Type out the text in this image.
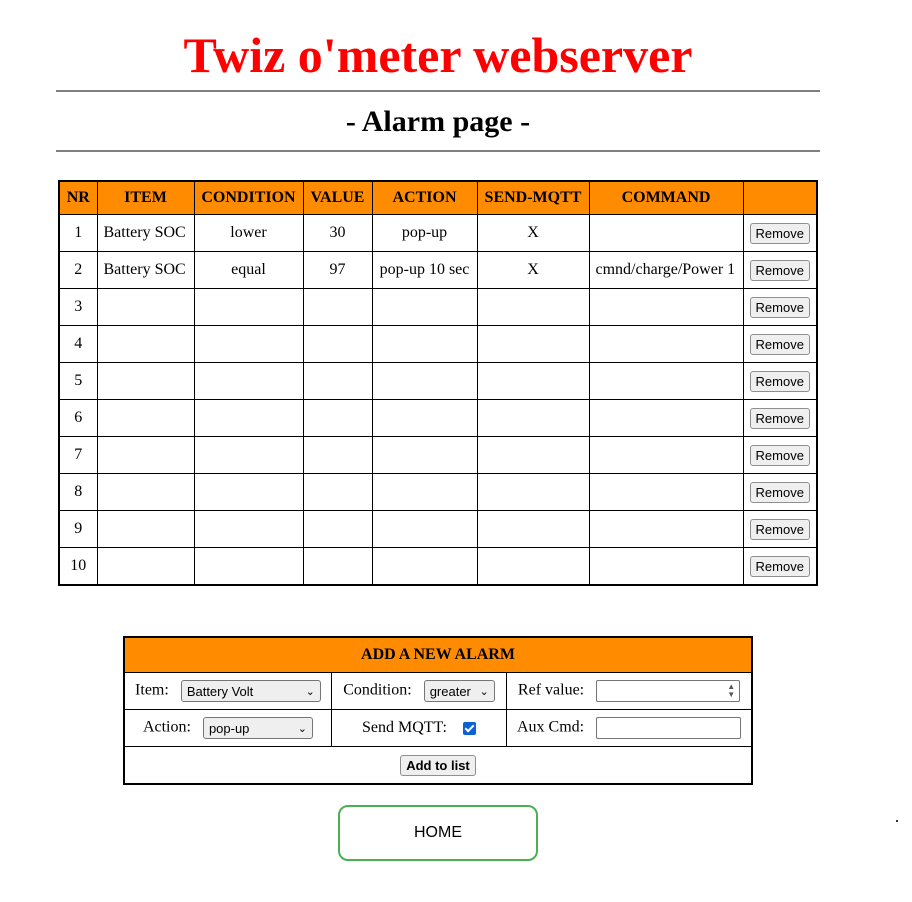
Twiz o'meter webserver
- Alarm page -
NR	ITEM	CONDITION	VALUE	ACTION	SEND-MQTT	COMMAND	
1	Battery SOC	lower	30	pop-up	X		Remove
2	Battery SOC	equal	97	pop-up 10 sec	X	cmnd/charge/Power 1	Remove
3							Remove
4							Remove
5							Remove
6							Remove
7							Remove
8							Remove
9							Remove
10							Remove
ADD A NEW ALARM		
Item: Battery Volt ⌄	Condition: greater ⌄	Ref value: ▲
▼

Action: pop-up ⌄	Send MQTT:	Aux Cmd:
Add to list		
HOME
